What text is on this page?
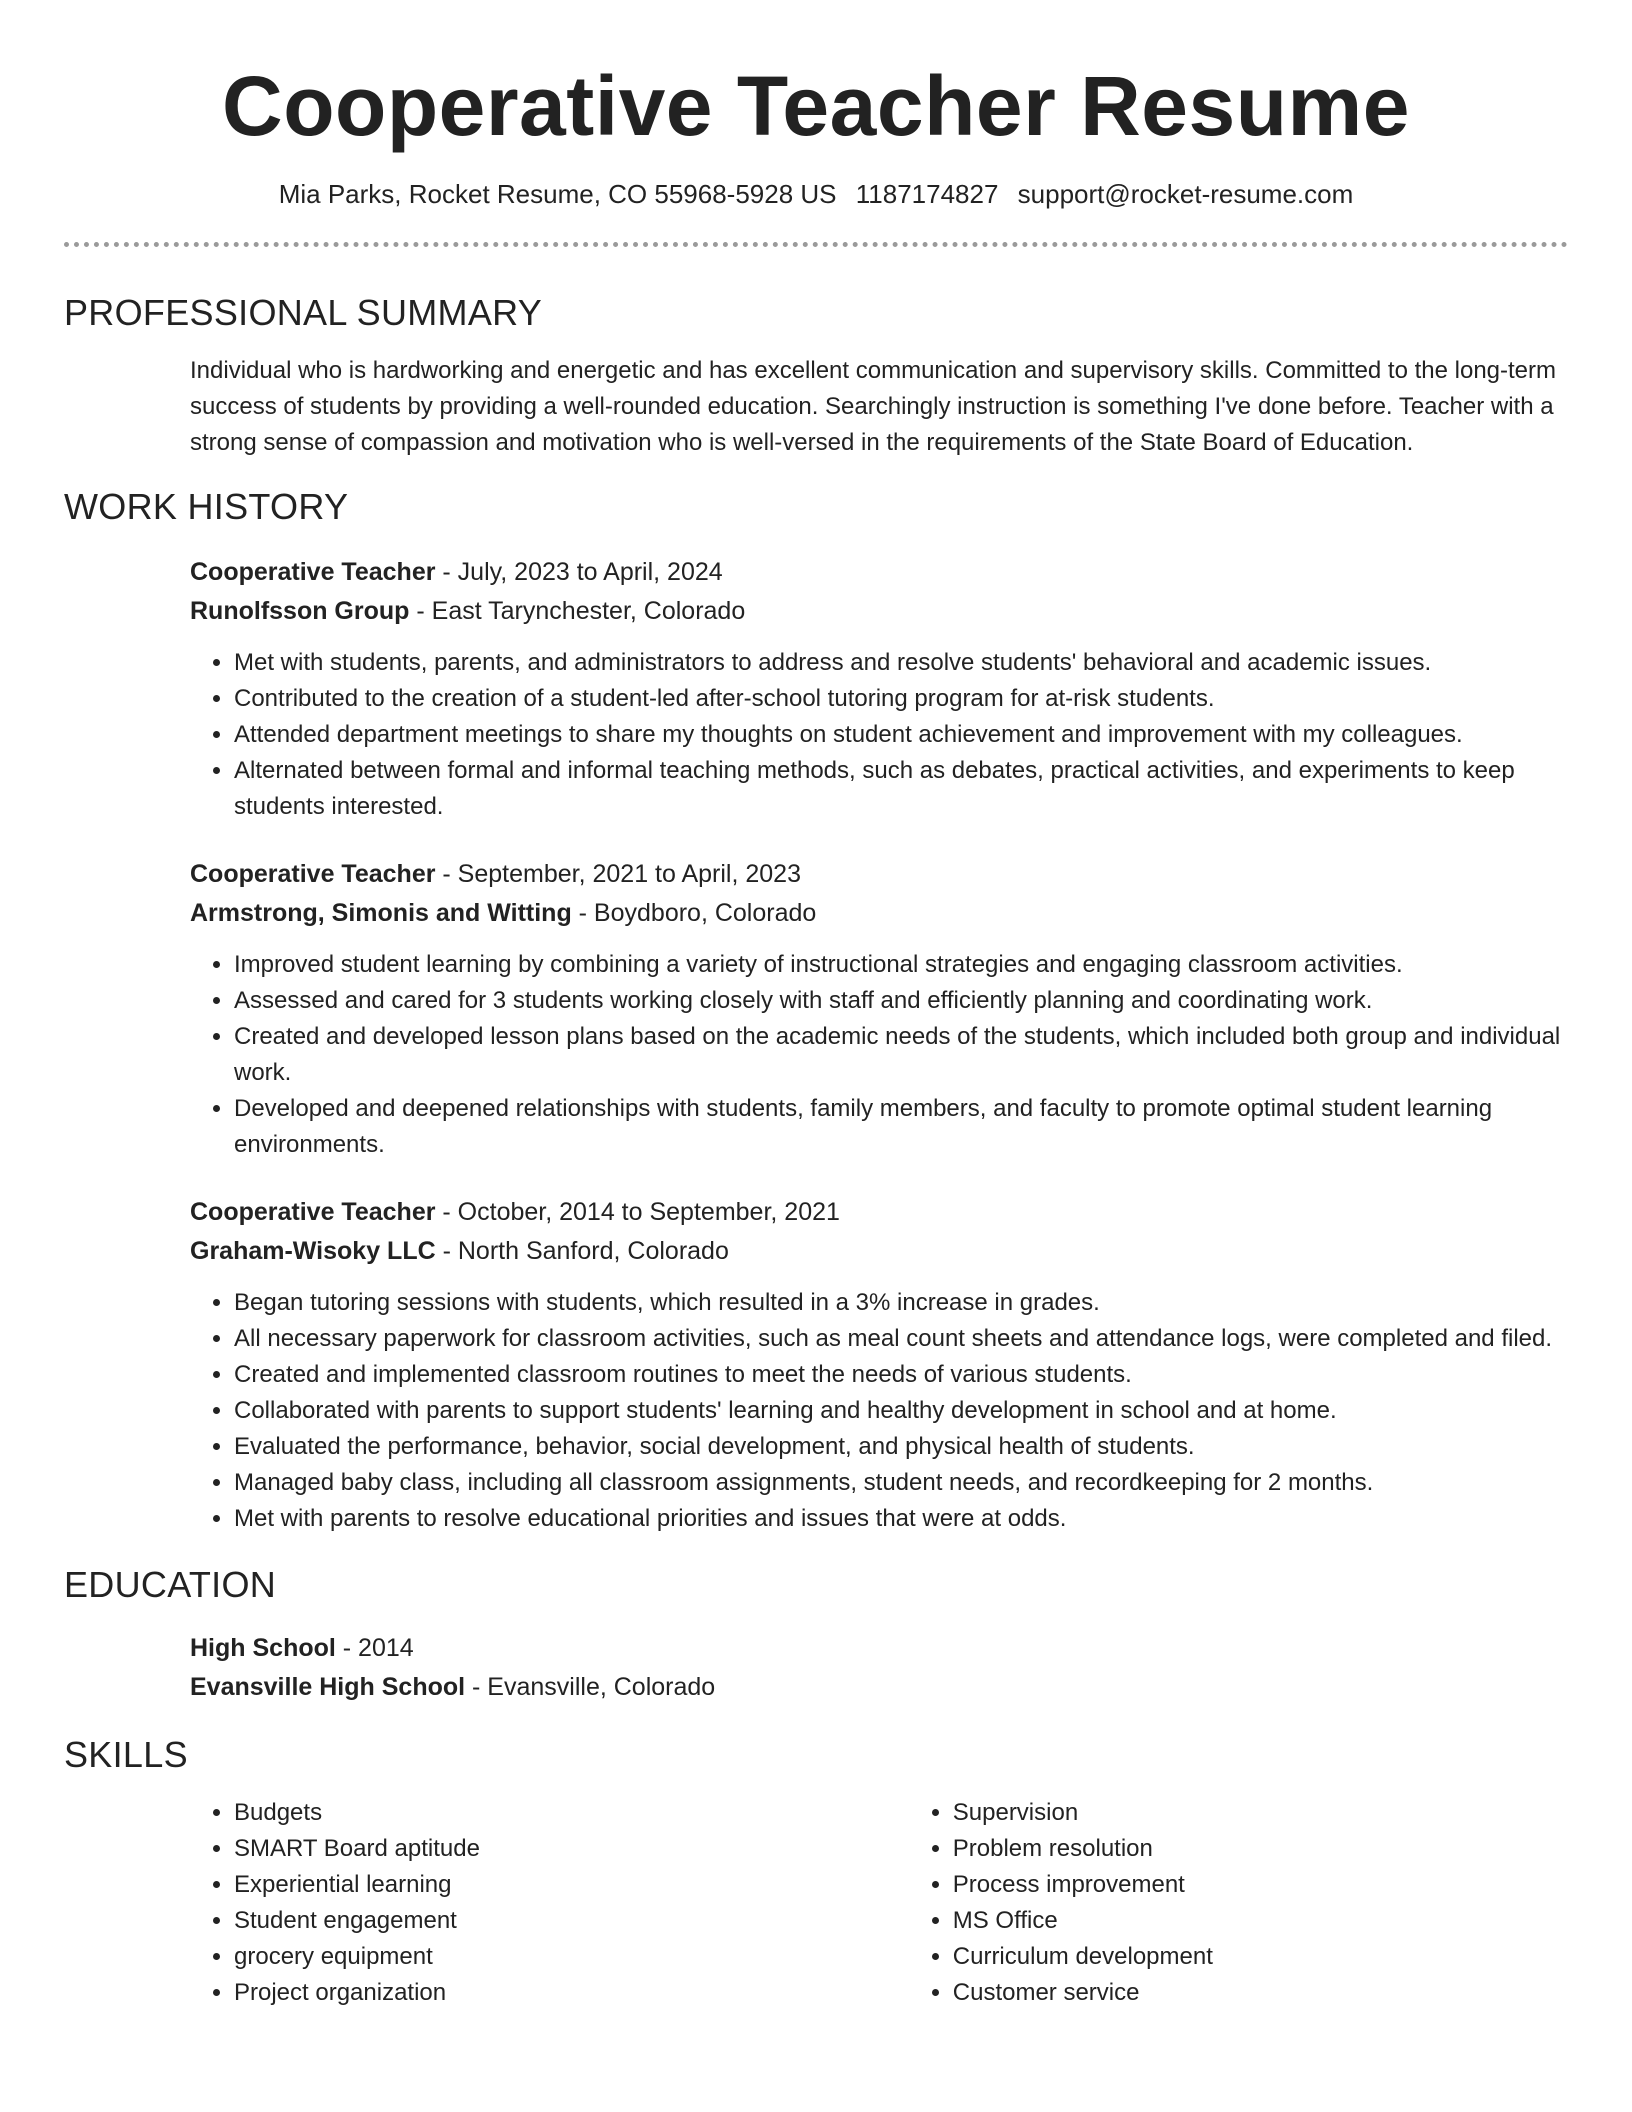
Cooperative Teacher Resume
Mia Parks, Rocket Resume, CO 55968-5928 US 1187174827 support@rocket-resume.com
PROFESSIONAL SUMMARY
Individual who is hardworking and energetic and has excellent communication and supervisory skills. Committed to the long-term success of students by providing a well-rounded education. Searchingly instruction is something I've done before. Teacher with a strong sense of compassion and motivation who is well-versed in the requirements of the State Board of Education.
WORK HISTORY
Cooperative Teacher - July, 2023 to April, 2024
Runolfsson Group - East Tarynchester, Colorado
• Met with students, parents, and administrators to address and resolve students' behavioral and academic issues.
• Contributed to the creation of a student-led after-school tutoring program for at-risk students.
• Attended department meetings to share my thoughts on student achievement and improvement with my colleagues.
• Alternated between formal and informal teaching methods, such as debates, practical activities, and experiments to keep students interested.
Cooperative Teacher - September, 2021 to April, 2023
Armstrong, Simonis and Witting - Boydboro, Colorado
• Improved student learning by combining a variety of instructional strategies and engaging classroom activities.
• Assessed and cared for 3 students working closely with staff and efficiently planning and coordinating work.
• Created and developed lesson plans based on the academic needs of the students, which included both group and individual work.
• Developed and deepened relationships with students, family members, and faculty to promote optimal student learning environments.
Cooperative Teacher - October, 2014 to September, 2021
Graham-Wisoky LLC - North Sanford, Colorado
• Began tutoring sessions with students, which resulted in a 3% increase in grades.
• All necessary paperwork for classroom activities, such as meal count sheets and attendance logs, were completed and filed.
• Created and implemented classroom routines to meet the needs of various students.
• Collaborated with parents to support students' learning and healthy development in school and at home.
• Evaluated the performance, behavior, social development, and physical health of students.
• Managed baby class, including all classroom assignments, student needs, and recordkeeping for 2 months.
• Met with parents to resolve educational priorities and issues that were at odds.
EDUCATION
High School - 2014
Evansville High School - Evansville, Colorado
SKILLS
• Budgets
• SMART Board aptitude
• Experiential learning
• Student engagement
• grocery equipment
• Project organization
• Supervision
• Problem resolution
• Process improvement
• MS Office
• Curriculum development
• Customer service
